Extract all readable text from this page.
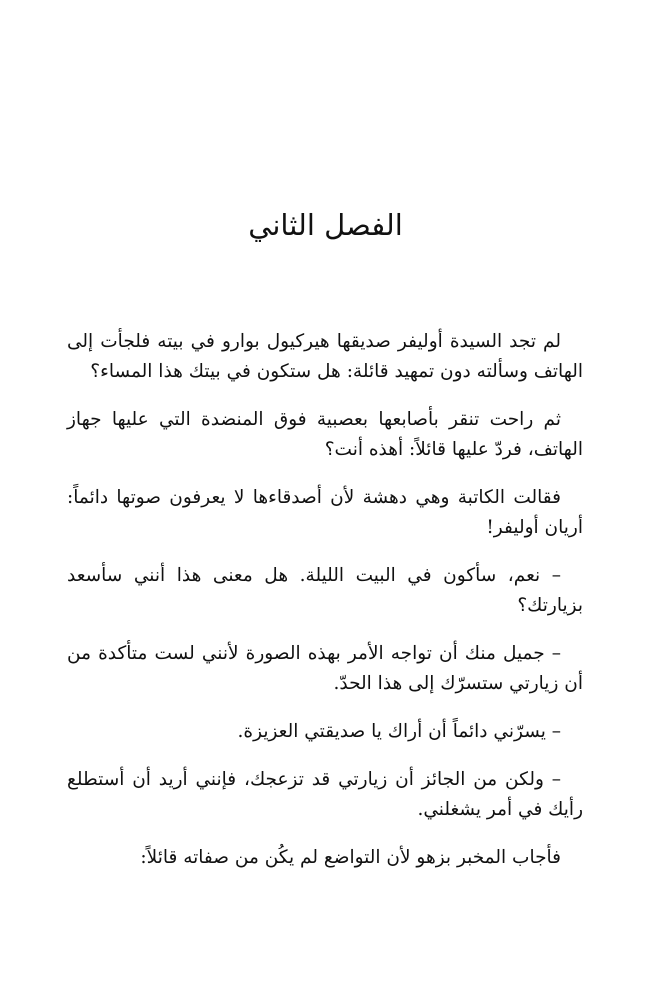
الفصل الثاني

لم تجد السيدة أوليفر صديقها هيركيول بوارو في بيته فلجأت إلى الهاتف وسألته دون تمهيد قائلة: هل ستكون في بيتك هذا المساء؟

ثم راحت تنقر بأصابعها بعصبية فوق المنضدة التي عليها جهاز الهاتف، فردّ عليها قائلاً: أهذه أنت؟

فقالت الكاتبة وهي دهشة لأن أصدقاءها لا يعرفون صوتها دائماً: أريان أوليفر!

– نعم، سأكون في البيت الليلة. هل معنى هذا أنني سأسعد بزيارتك؟

– جميل منك أن تواجه الأمر بهذه الصورة لأنني لست متأكدة من أن زيارتي ستسرّك إلى هذا الحدّ.

– يسرّني دائماً أن أراك يا صديقتي العزيزة.

– ولكن من الجائز أن زيارتي قد تزعجك، فإنني أريد أن أستطلع رأيك في أمر يشغلني.

فأجاب المخبر بزهو لأن التواضع لم يكُن من صفاته قائلاً:
